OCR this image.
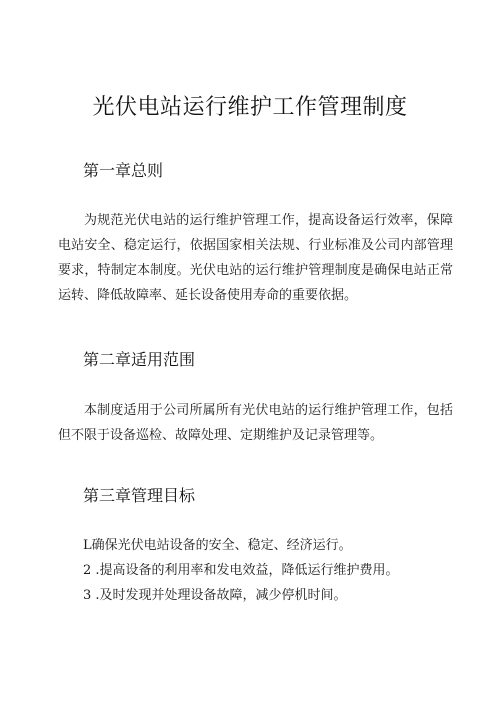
光伏电站运行维护工作管理制度
第一章总则
为规范光伏电站的运行维护管理工作，提高设备运行效率，保障电站安全、稳定运行，依据国家相关法规、行业标准及公司内部管理要求，特制定本制度。光伏电站的运行维护管理制度是确保电站正常运转、降低故障率、延长设备使用寿命的重要依据。
第二章适用范围
本制度适用于公司所属所有光伏电站的运行维护管理工作，包括但不限于设备巡检、故障处理、定期维护及记录管理等。
第三章管理目标
L确保光伏电站设备的安全、稳定、经济运行。
2 .提高设备的利用率和发电效益，降低运行维护费用。
3 .及时发现并处理设备故障，减少停机时间。
